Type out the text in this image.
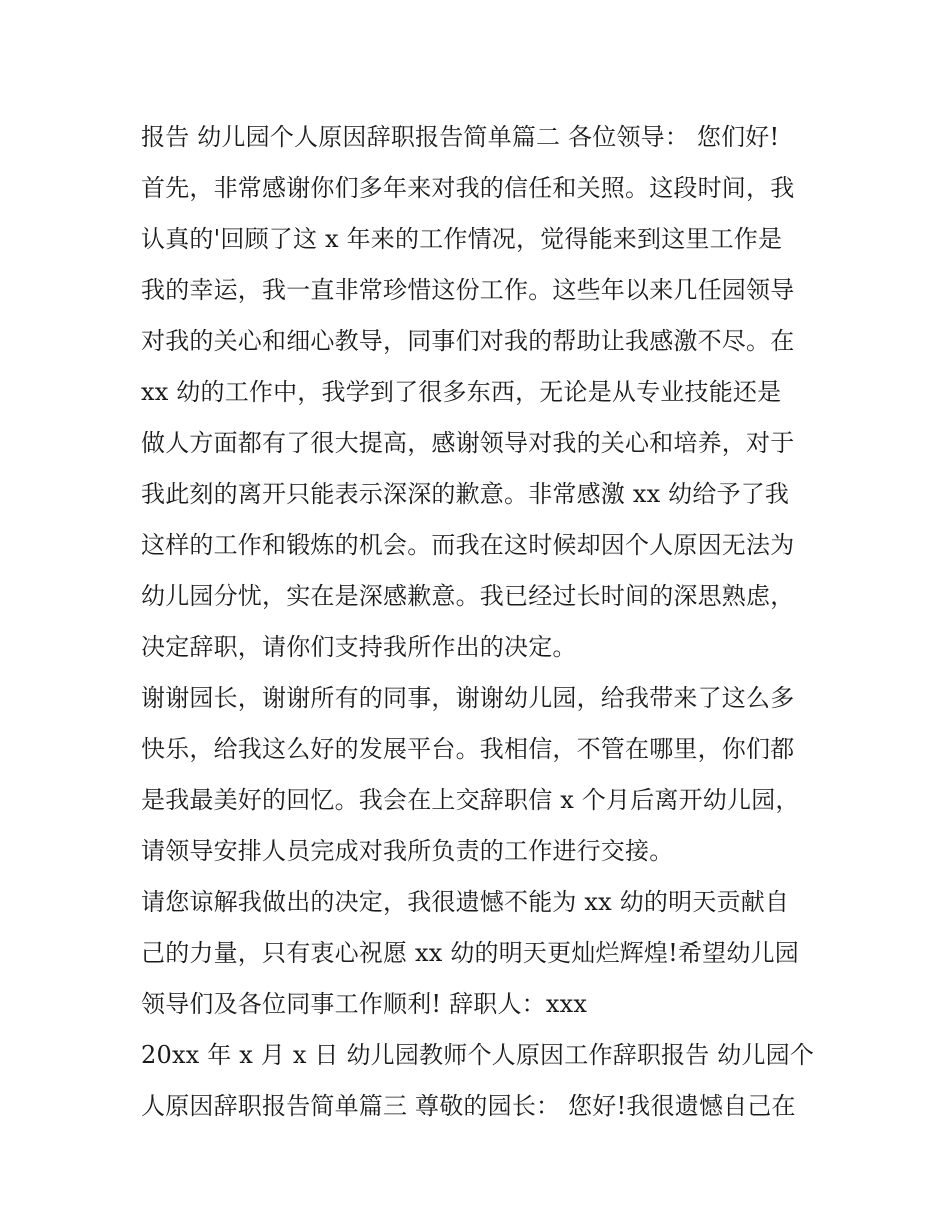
报告 幼儿园个人原因辞职报告简单篇二 各位领导： 您们好!
首先，非常感谢你们多年来对我的信任和关照。这段时间，我
认真的'回顾了这 x 年来的工作情况，觉得能来到这里工作是
我的幸运，我一直非常珍惜这份工作。这些年以来几任园领导
对我的关心和细心教导，同事们对我的帮助让我感激不尽。在
xx 幼的工作中，我学到了很多东西，无论是从专业技能还是
做人方面都有了很大提高，感谢领导对我的关心和培养，对于
我此刻的离开只能表示深深的歉意。非常感激 xx 幼给予了我
这样的工作和锻炼的机会。而我在这时候却因个人原因无法为
幼儿园分忧，实在是深感歉意。我已经过长时间的深思熟虑，
决定辞职，请你们支持我所作出的决定。
谢谢园长，谢谢所有的同事，谢谢幼儿园，给我带来了这么多
快乐，给我这么好的发展平台。我相信，不管在哪里，你们都
是我最美好的回忆。我会在上交辞职信 x 个月后离开幼儿园，
请领导安排人员完成对我所负责的工作进行交接。
请您谅解我做出的决定，我很遗憾不能为 xx 幼的明天贡献自
己的力量，只有衷心祝愿 xx 幼的明天更灿烂辉煌!希望幼儿园
领导们及各位同事工作顺利! 辞职人：xxx
20xx 年 x 月 x 日 幼儿园教师个人原因工作辞职报告 幼儿园个
人原因辞职报告简单篇三 尊敬的园长： 您好!我很遗憾自己在
